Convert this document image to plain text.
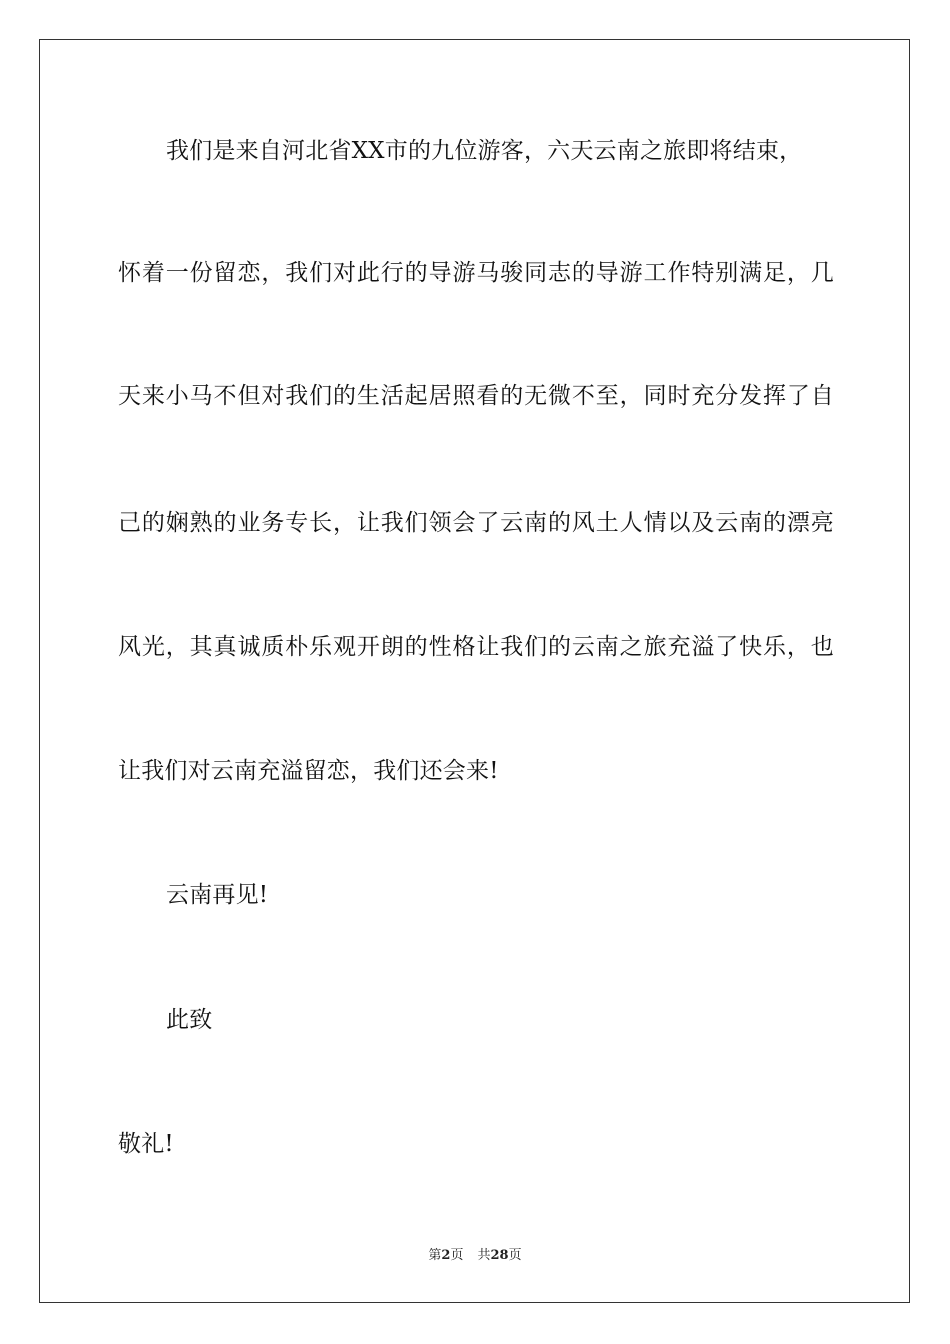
我们是来自河北省XX市的九位游客，六天云南之旅即将结束，

怀着一份留恋，我们对此行的导游马骏同志的导游工作特别满足，几

天来小马不但对我们的生活起居照看的无微不至，同时充分发挥了自

己的娴熟的业务专长，让我们领会了云南的风土人情以及云南的漂亮

风光，其真诚质朴乐观开朗的性格让我们的云南之旅充溢了快乐，也

让我们对云南充溢留恋，我们还会来!

云南再见!

此致

敬礼!

第2页 共28页
